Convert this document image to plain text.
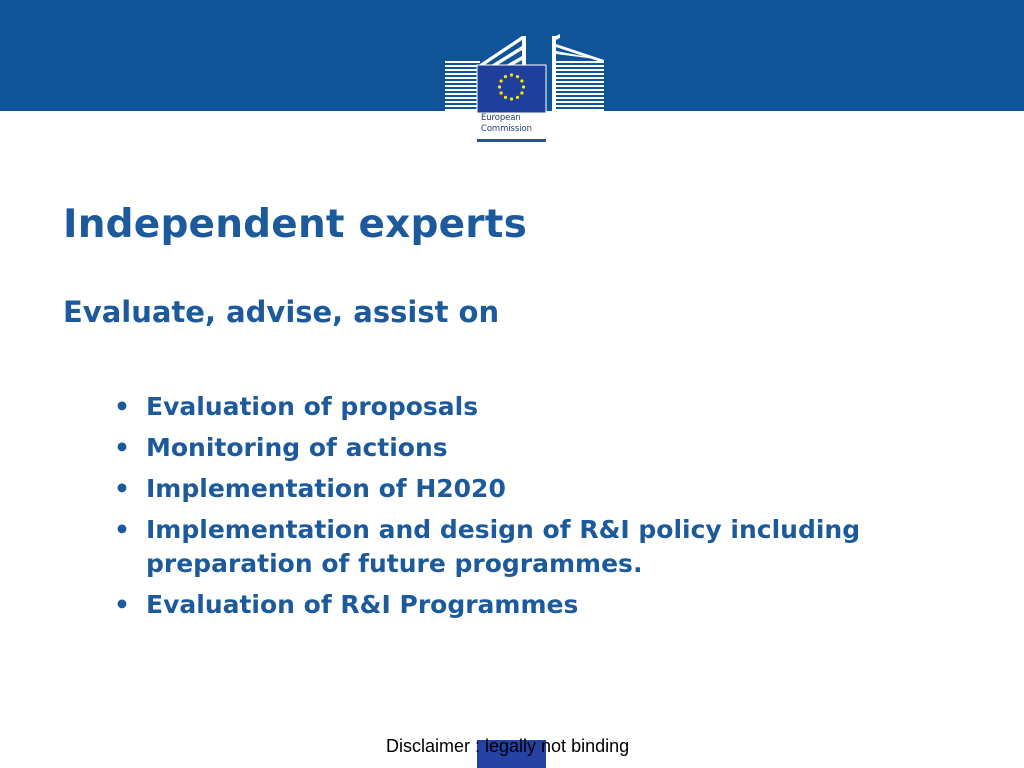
European
Commission
Independent experts
Evaluate, advise, assist on
• Evaluation of proposals
• Monitoring of actions
• Implementation of H2020
• Implementation and design of R&I policy including preparation of future programmes.
• Evaluation of R&I Programmes
Disclaimer : legally not binding
